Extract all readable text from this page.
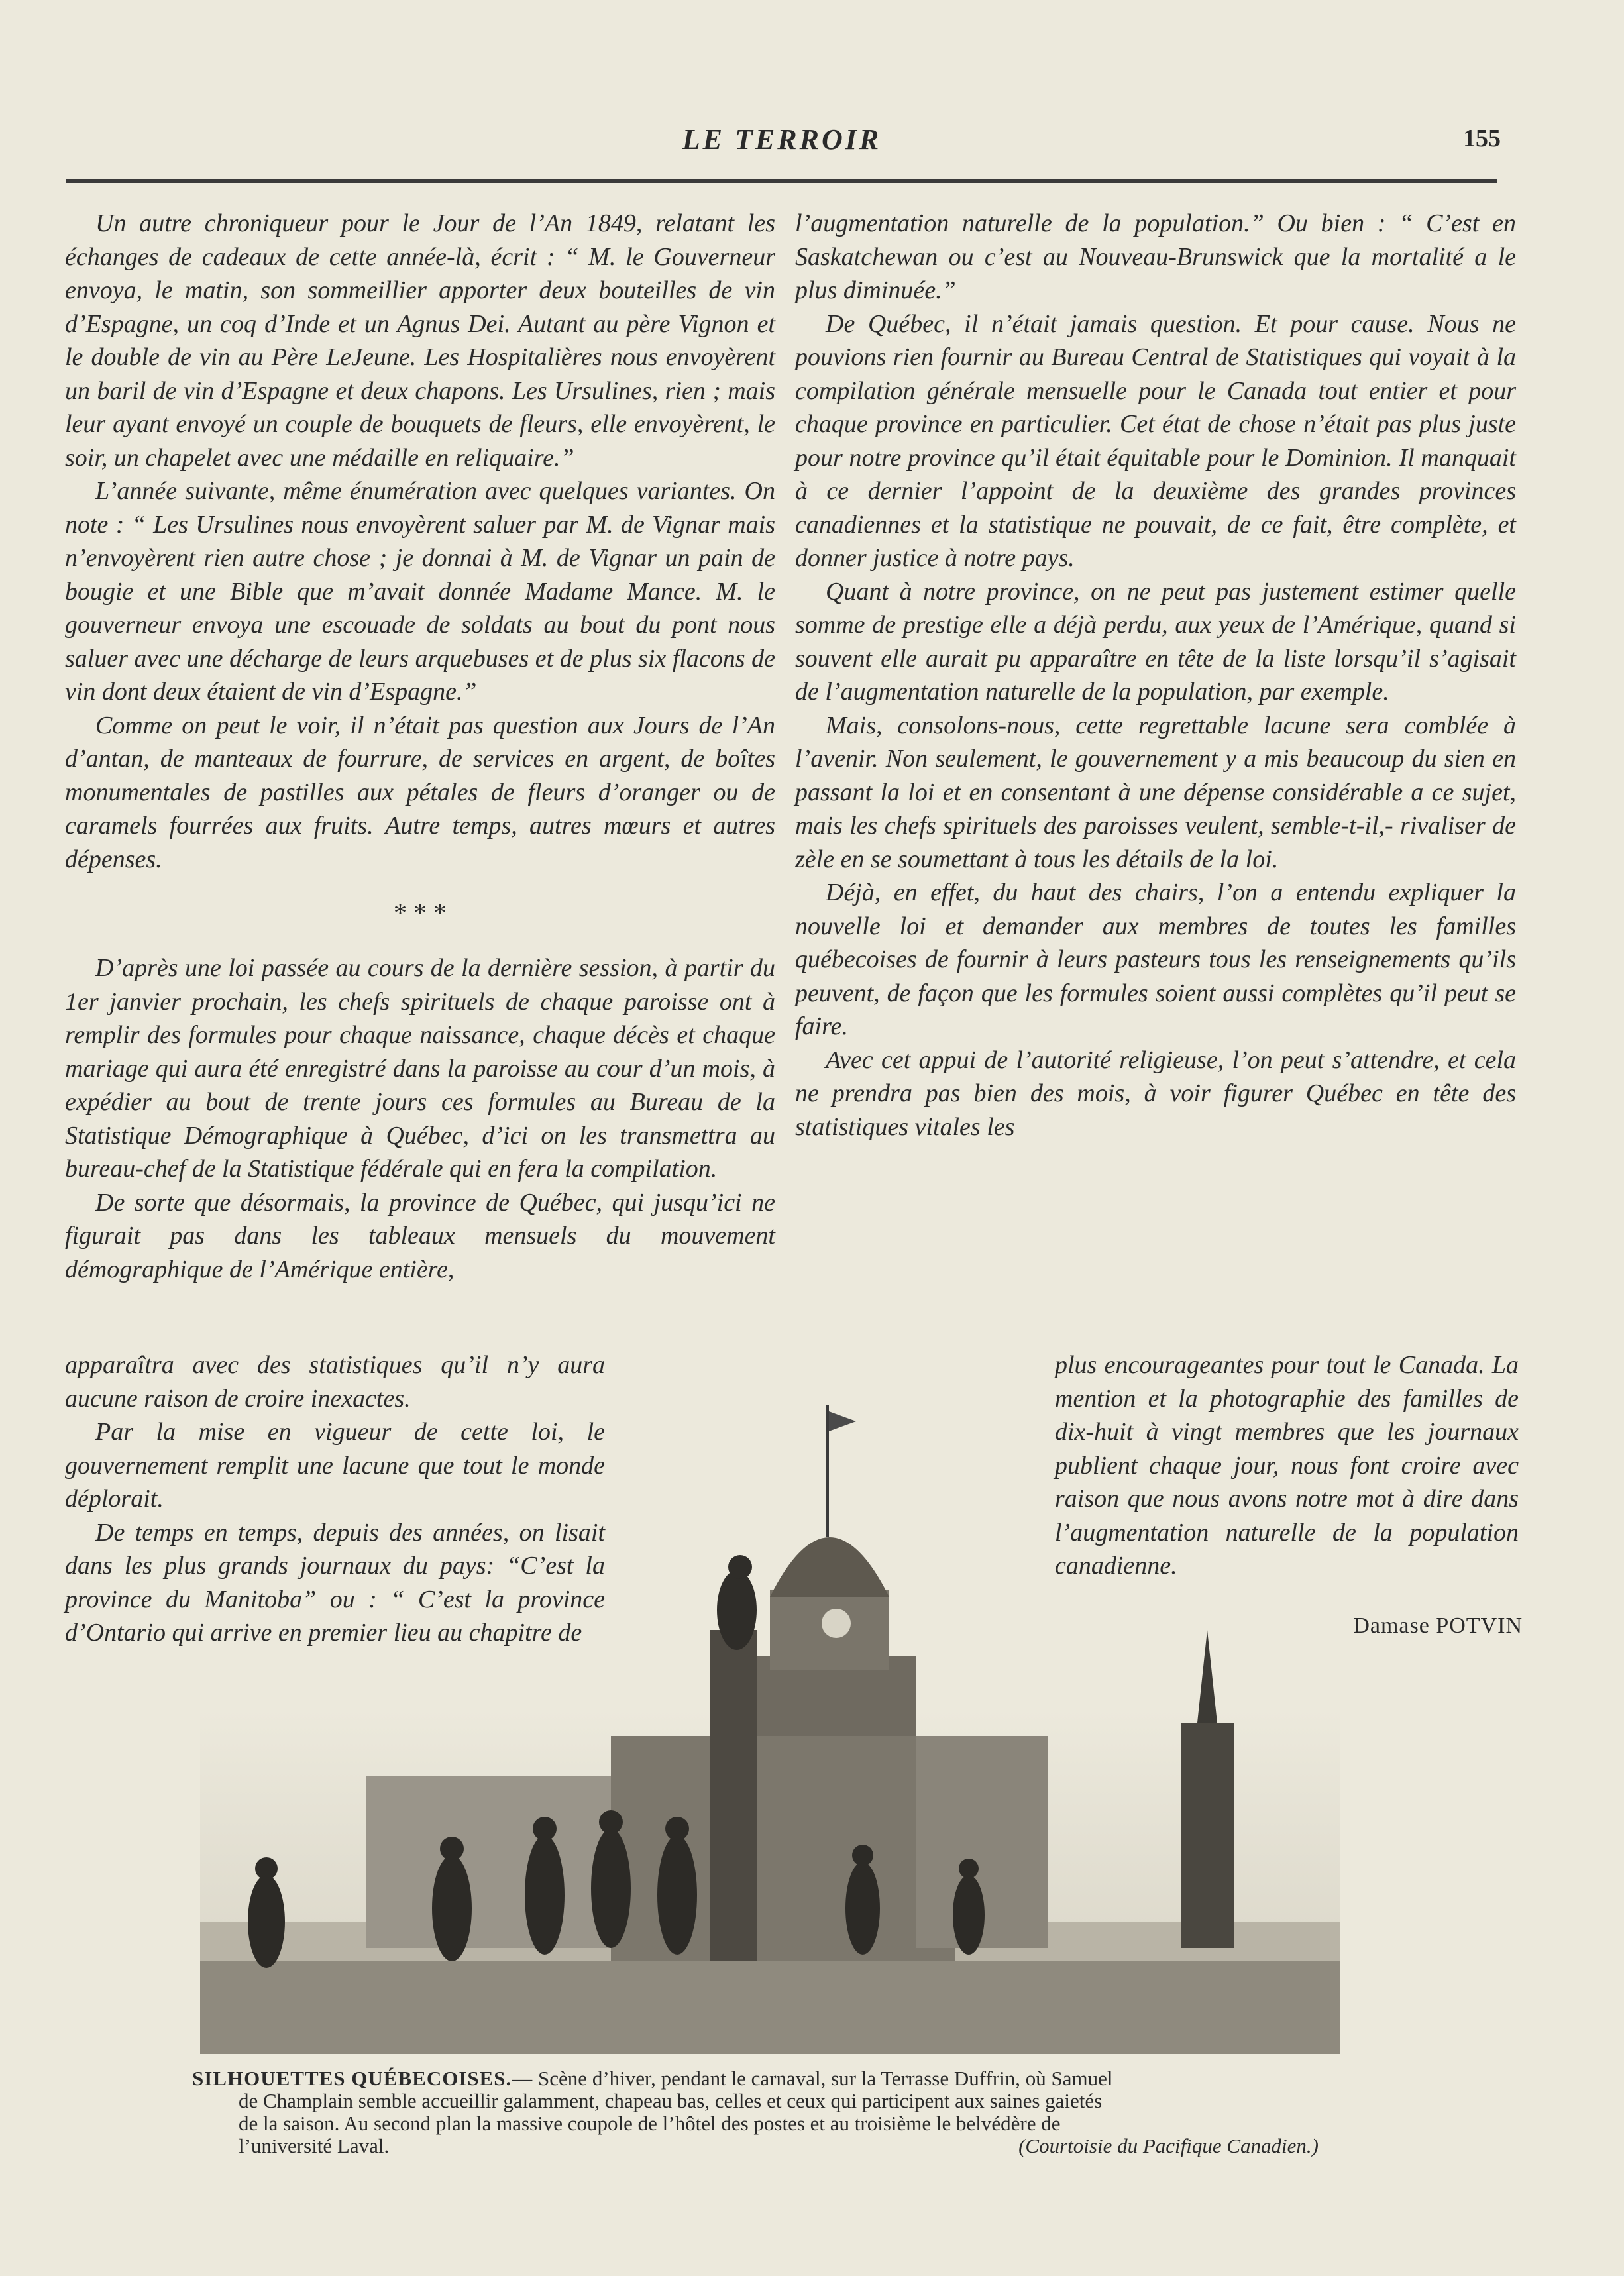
LE TERROIR	155

Un autre chroniqueur pour le Jour de l’An 1849, relatant les échanges de cadeaux de cette année-là, écrit : “ M. le Gouverneur envoya, le matin, son sommeillier apporter deux bouteilles de vin d’Espagne, un coq d’Inde et un Agnus Dei. Autant au père Vignon et le double de vin au Père LeJeune. Les Hospitalières nous envoyèrent un baril de vin d’Espagne et deux chapons. Les Ursulines, rien ; mais leur ayant envoyé un couple de bouquets de fleurs, elle envoyèrent, le soir, un chapelet avec une médaille en reliquaire.”

L’année suivante, même énumération avec quelques variantes. On note : “ Les Ursulines nous envoyèrent saluer par M. de Vignar mais n’envoyèrent rien autre chose ; je donnai à M. de Vignar un pain de bougie et une Bible que m’avait donnée Madame Mance. M. le gouverneur envoya une escouade de soldats au bout du pont nous saluer avec une décharge de leurs arquebuses et de plus six flacons de vin dont deux étaient de vin d’Espagne.”

Comme on peut le voir, il n’était pas question aux Jours de l’An d’antan, de manteaux de fourrure, de services en argent, de boîtes monumentales de pastilles aux pétales de fleurs d’oranger ou de caramels fourrées aux fruits. Autre temps, autres mœurs et autres dépenses.

* * *

D’après une loi passée au cours de la dernière session, à partir du 1er janvier prochain, les chefs spirituels de chaque paroisse ont à remplir des formules pour chaque naissance, chaque décès et chaque mariage qui aura été enregistré dans la paroisse au cour d’un mois, à expédier au bout de trente jours ces formules au Bureau de la Statistique Démographique à Québec, d’ici on les transmettra au bureau-chef de la Statistique fédérale qui en fera la compilation.

De sorte que désormais, la province de Québec, qui jusqu’ici ne figurait pas dans les tableaux mensuels du mouvement démographique de l’Amérique entière,

apparaîtra avec des statistiques qu’il n’y aura aucune raison de croire inexactes.

Par la mise en vigueur de cette loi, le gouvernement remplit une lacune que tout le monde déplorait.

De temps en temps, depuis des années, on lisait dans les plus grands journaux du pays: “C’est la province du Manitoba” ou : “ C’est la province d’Ontario qui arrive en premier lieu au chapitre de

l’augmentation naturelle de la population.” Ou bien : “ C’est en Saskatchewan ou c’est au Nouveau-Brunswick que la mortalité a le plus diminuée.”

De Québec, il n’était jamais question. Et pour cause. Nous ne pouvions rien fournir au Bureau Central de Statistiques qui voyait à la compilation générale mensuelle pour le Canada tout entier et pour chaque province en particulier. Cet état de chose n’était pas plus juste pour notre province qu’il était équitable pour le Dominion. Il manquait à ce dernier l’appoint de la deuxième des grandes provinces canadiennes et la statistique ne pouvait, de ce fait, être complète, et donner justice à notre pays.

Quant à notre province, on ne peut pas justement estimer quelle somme de prestige elle a déjà perdu, aux yeux de l’Amérique, quand si souvent elle aurait pu apparaître en tête de la liste lorsqu’il s’agisait de l’augmentation naturelle de la population, par exemple.

Mais, consolons-nous, cette regrettable lacune sera comblée à l’avenir. Non seulement, le gouvernement y a mis beaucoup du sien en passant la loi et en consentant à une dépense considérable a ce sujet, mais les chefs spirituels des paroisses veulent, semble-t-il,- rivaliser de zèle en se soumettant à tous les détails de la loi.

Déjà, en effet, du haut des chairs, l’on a entendu expliquer la nouvelle loi et demander aux membres de toutes les familles québecoises de fournir à leurs pasteurs tous les renseignements qu’ils peuvent, de façon que les formules soient aussi complètes qu’il peut se faire.

Avec cet appui de l’autorité religieuse, l’on peut s’attendre, et cela ne prendra pas bien des mois, à voir figurer Québec en tête des statistiques vitales les

plus encourageantes pour tout le Canada. La mention et la photographie des familles de dix-huit à vingt membres que les journaux publient chaque jour, nous font croire avec raison que nous avons notre mot à dire dans l’augmentation naturelle de la population canadienne.

Damase POTVIN
SILHOUETTES QUÉBECOISES.— Scène d’hiver, pendant le carnaval, sur la Terrasse Duffrin, où Samuel
de Champlain semble accueillir galamment, chapeau bas, celles et ceux qui participent aux saines gaietés
de la saison. Au second plan la massive coupole de l’hôtel des postes et au troisième le belvédère de
l’université Laval.	(Courtoisie du Pacifique Canadien.)
